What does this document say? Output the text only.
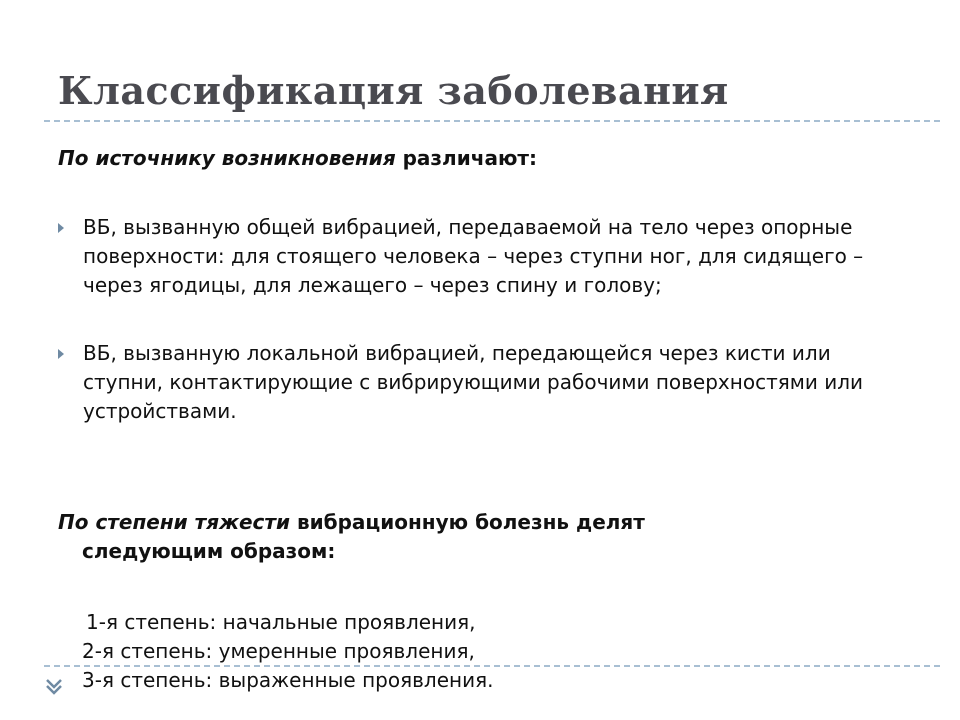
Классификация заболевания
По источнику возникновения различают:
ВБ, вызванную общей вибрацией, передаваемой на тело через опорные поверхности: для стоящего человека – через ступни ног, для сидящего – через ягодицы, для лежащего – через спину и голову;
ВБ, вызванную локальной вибрацией, передающейся через кисти или ступни, контактирующие с вибрирующими рабочими поверхностями или устройствами.
По степени тяжести вибрационную болезнь делят
следующим образом:
1-я степень: начальные проявления,
2-я степень: умеренные проявления,
3-я степень: выраженные проявления.
